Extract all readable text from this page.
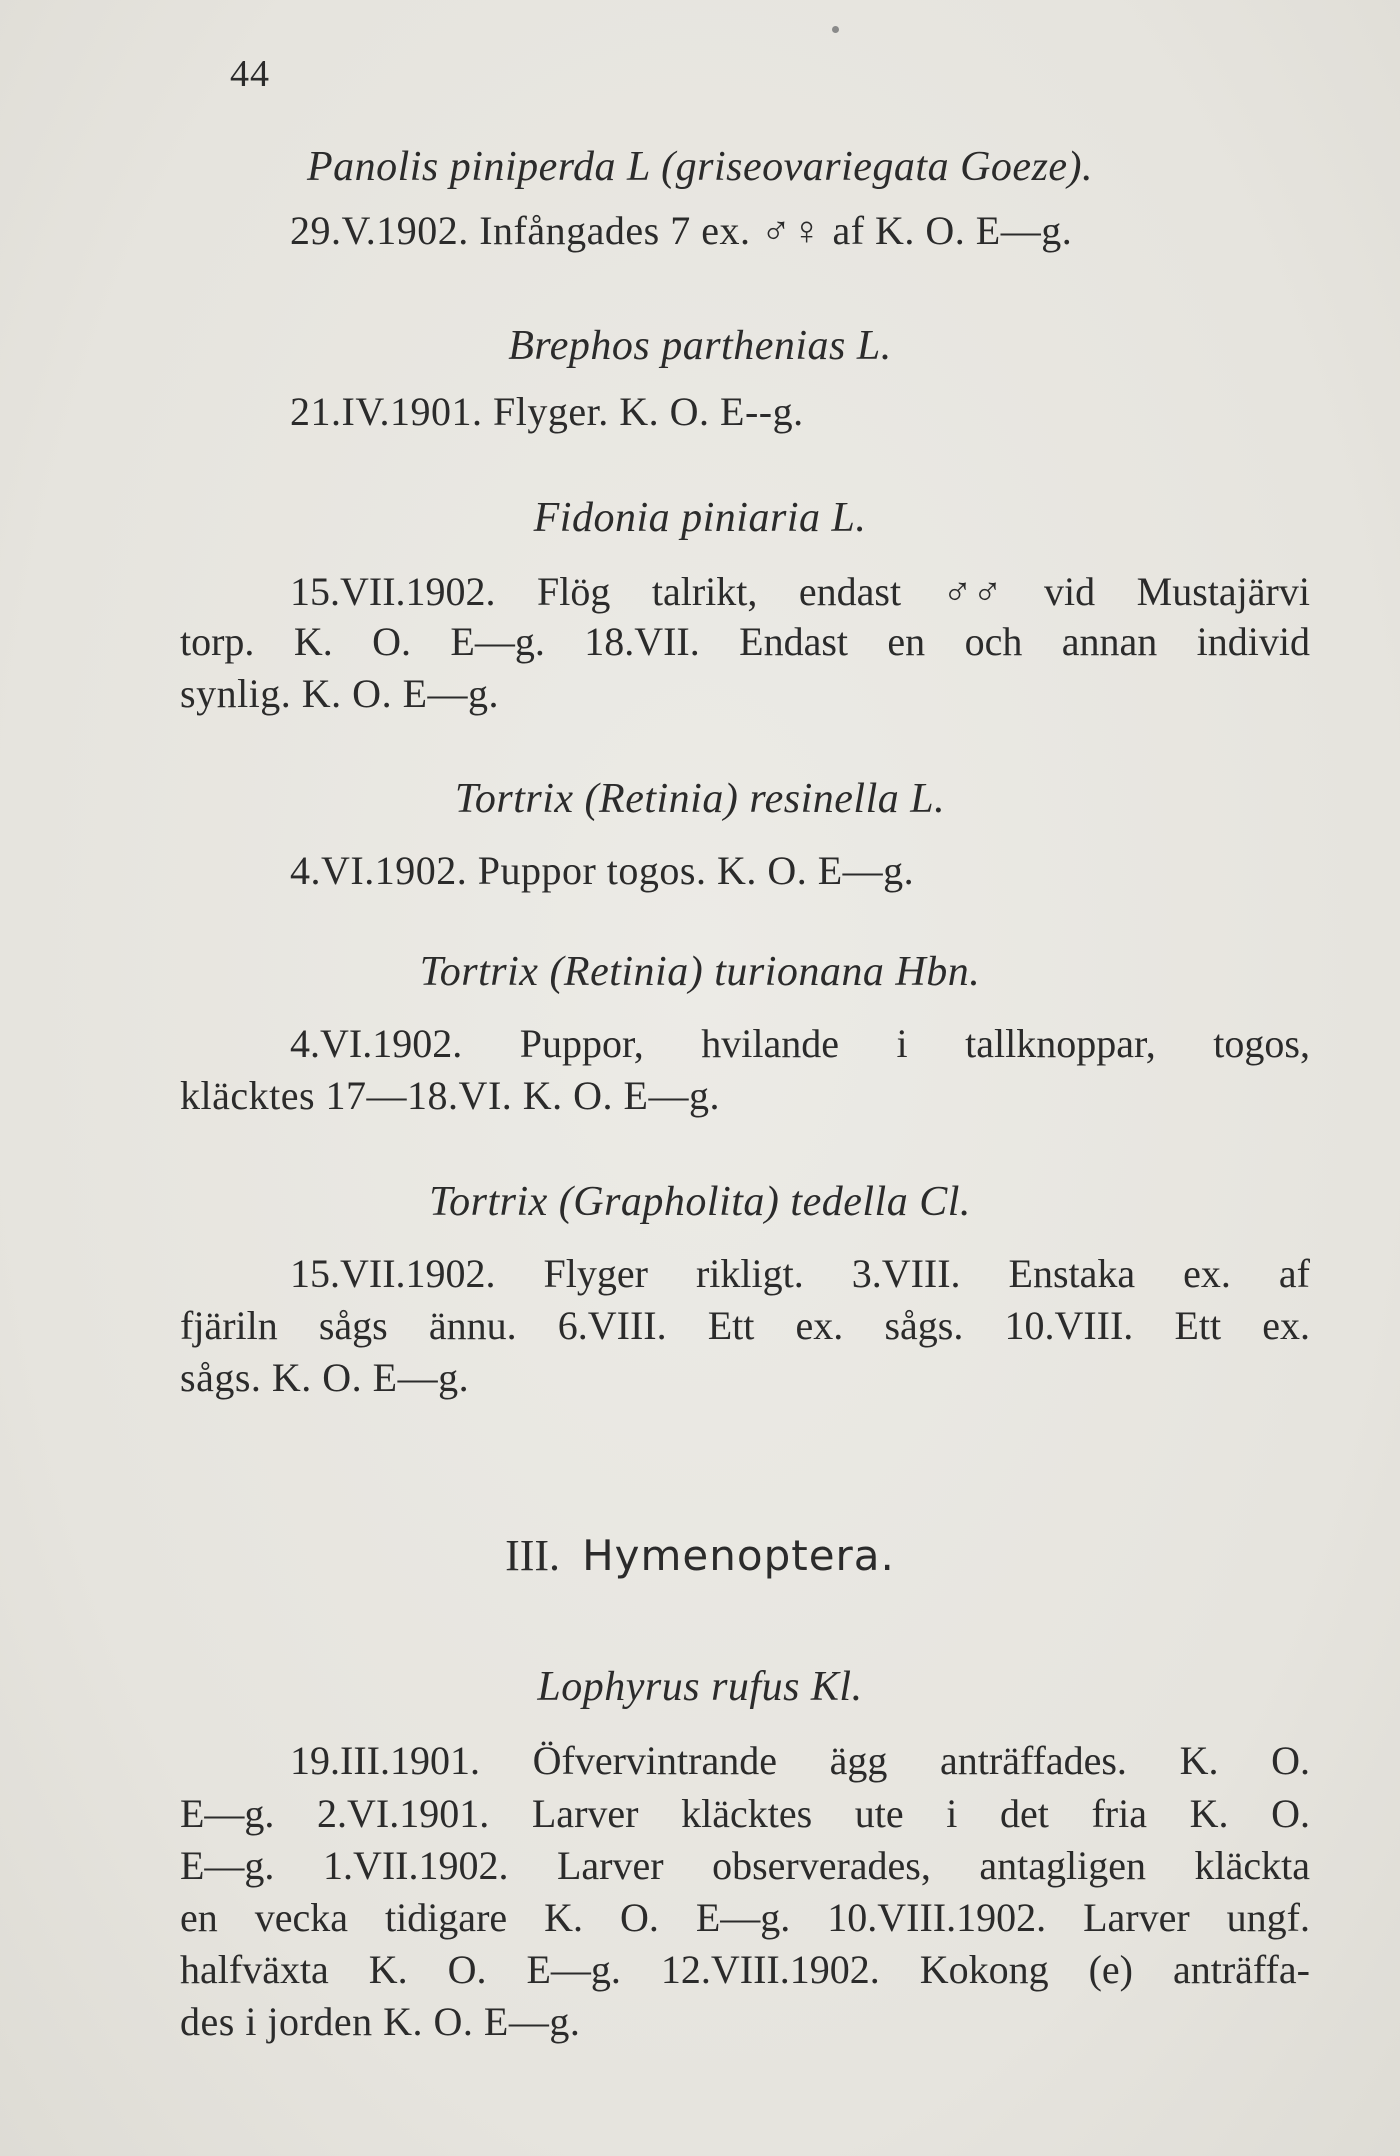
44
Panolis piniperda L (griseovariegata Goeze).
29.V.1902. Infångades 7 ex. ♂♀ af K. O. E—g.
Brephos parthenias L.
21.IV.1901. Flyger. K. O. E--g.
Fidonia piniaria L.
15.VII.1902. Flög talrikt, endast ♂♂ vid Mustajärvi
torp. K. O. E—g. 18.VII. Endast en och annan individ
synlig. K. O. E—g.
Tortrix (Retinia) resinella L.
4.VI.1902. Puppor togos. K. O. E—g.
Tortrix (Retinia) turionana Hbn.
4.VI.1902. Puppor, hvilande i tallknoppar, togos,
kläcktes 17—18.VI. K. O. E—g.
Tortrix (Grapholita) tedella Cl.
15.VII.1902. Flyger rikligt. 3.VIII. Enstaka ex. af
fjäriln sågs ännu. 6.VIII. Ett ex. sågs. 10.VIII. Ett ex.
sågs. K. O. E—g.
III. Hymenoptera.
Lophyrus rufus Kl.
19.III.1901. Öfvervintrande ägg anträffades. K. O.
E—g. 2.VI.1901. Larver kläcktes ute i det fria K. O.
E—g. 1.VII.1902. Larver observerades, antagligen kläckta
en vecka tidigare K. O. E—g. 10.VIII.1902. Larver ungf.
halfväxta K. O. E—g. 12.VIII.1902. Kokong (e) anträffa-
des i jorden K. O. E—g.
